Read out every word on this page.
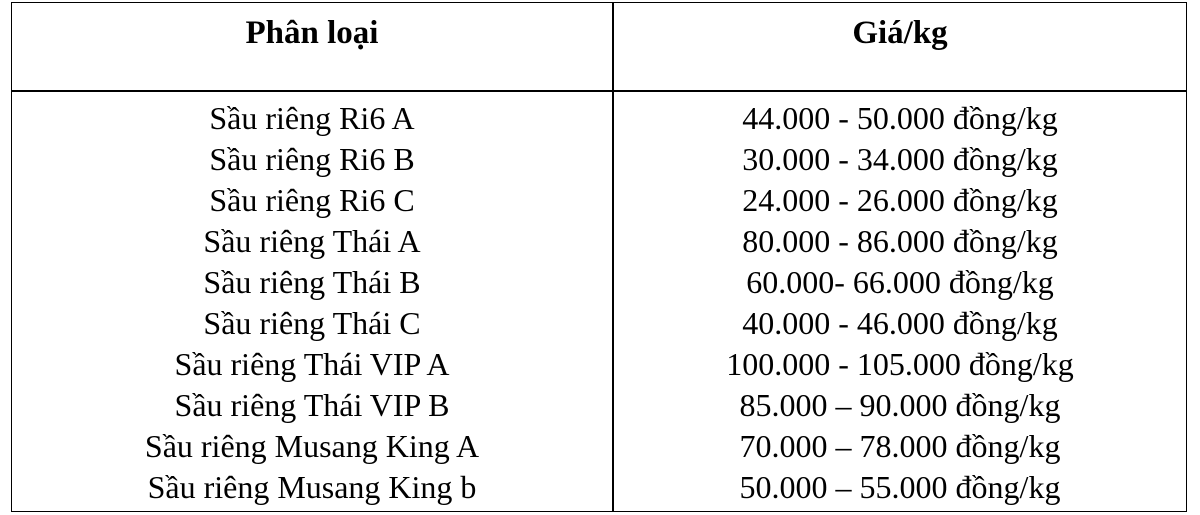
Phân loại	Giá/kg
Sầu riêng Ri6 A	44.000 - 50.000 đồng/kg
Sầu riêng Ri6 B	30.000 - 34.000 đồng/kg
Sầu riêng Ri6 C	24.000 - 26.000 đồng/kg
Sầu riêng Thái A	80.000 - 86.000 đồng/kg
Sầu riêng Thái B	60.000- 66.000 đồng/kg
Sầu riêng Thái C	40.000 - 46.000 đồng/kg
Sầu riêng Thái VIP A	100.000 - 105.000 đồng/kg
Sầu riêng Thái VIP B	85.000 – 90.000 đồng/kg
Sầu riêng Musang King A	70.000 – 78.000 đồng/kg
Sầu riêng Musang King b	50.000 – 55.000 đồng/kg
